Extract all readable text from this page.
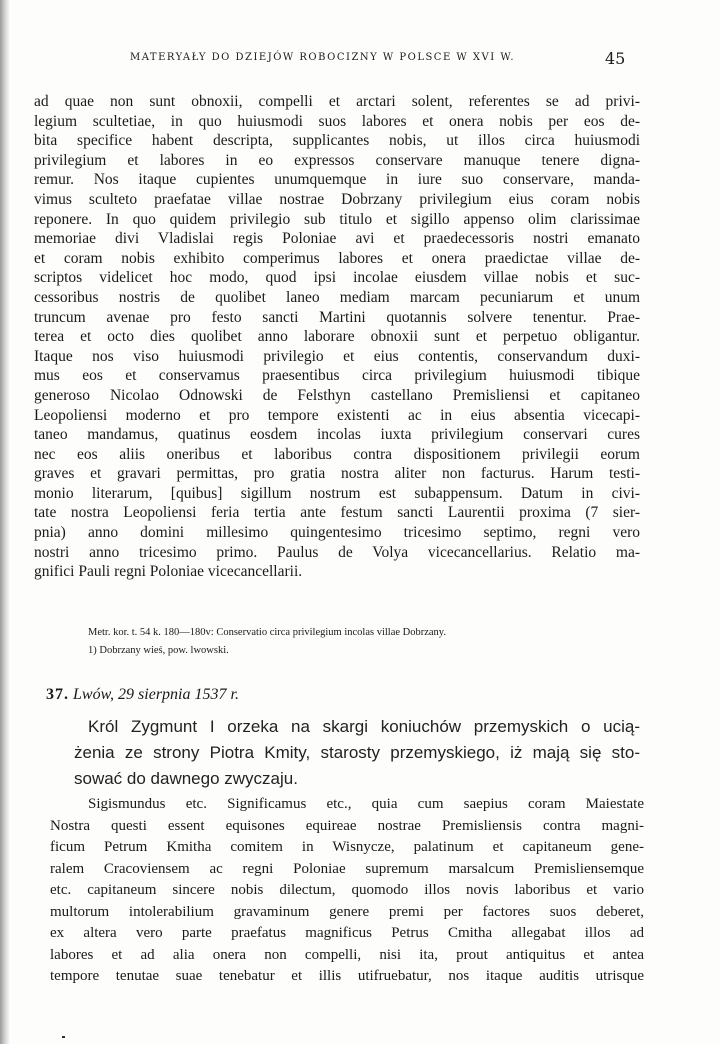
MATERYAŁY DO DZIEJÓW ROBOCIZNY W POLSCE W XVI W.	45
ad quae non sunt obnoxii, compelli et arctari solent, referentes se ad privi-
legium scultetiae, in quo huiusmodi suos labores et onera nobis per eos de-
bita specifice habent descripta, supplicantes nobis, ut illos circa huiusmodi
privilegium et labores in eo expressos conservare manuque tenere digna-
remur. Nos itaque cupientes unumquemque in iure suo conservare, manda-
vimus sculteto praefatae villae nostrae Dobrzany privilegium eius coram nobis
reponere. In quo quidem privilegio sub titulo et sigillo appenso olim clarissimae
memoriae divi Vladislai regis Poloniae avi et praedecessoris nostri emanato
et coram nobis exhibito comperimus labores et onera praedictae villae de-
scriptos videlicet hoc modo, quod ipsi incolae eiusdem villae nobis et suc-
cessoribus nostris de quolibet laneo mediam marcam pecuniarum et unum
truncum avenae pro festo sancti Martini quotannis solvere tenentur. Prae-
terea et octo dies quolibet anno laborare obnoxii sunt et perpetuo obligantur.
Itaque nos viso huiusmodi privilegio et eius contentis, conservandum duxi-
mus eos et conservamus praesentibus circa privilegium huiusmodi tibique
generoso Nicolao Odnowski de Felsthyn castellano Premisliensi et capitaneo
Leopoliensi moderno et pro tempore existenti ac in eius absentia vicecapi-
taneo mandamus, quatinus eosdem incolas iuxta privilegium conservari cures
nec eos aliis oneribus et laboribus contra dispositionem privilegii eorum
graves et gravari permittas, pro gratia nostra aliter non facturus. Harum testi-
monio literarum, [quibus] sigillum nostrum est subappensum. Datum in civi-
tate nostra Leopoliensi feria tertia ante festum sancti Laurentii proxima (7 sier-
pnia) anno domini millesimo quingentesimo tricesimo septimo, regni vero
nostri anno tricesimo primo. Paulus de Volya vicecancellarius. Relatio ma-
gnifici Pauli regni Poloniae vicecancellarii.
Metr. kor. t. 54 k. 180—180v: Conservatio circa privilegium incolas villae Dobrzany.
1) Dobrzany wieś, pow. lwowski.
37. Lwów, 29 sierpnia 1537 r.
Król Zygmunt I orzeka na skargi koniuchów przemyskich o ucią-
żenia ze strony Piotra Kmity, starosty przemyskiego, iż mają się sto-
sować do dawnego zwyczaju.
Sigismundus etc. Significamus etc., quia cum saepius coram Maiestate
Nostra questi essent equisones equireae nostrae Premisliensis contra magni-
ficum Petrum Kmitha comitem in Wisnycze, palatinum et capitaneum gene-
ralem Cracoviensem ac regni Poloniae supremum marsalcum Premisliensemque
etc. capitaneum sincere nobis dilectum, quomodo illos novis laboribus et vario
multorum intolerabilium gravaminum genere premi per factores suos deberet,
ex altera vero parte praefatus magnificus Petrus Cmitha allegabat illos ad
labores et ad alia onera non compelli, nisi ita, prout antiquitus et antea
tempore tenutae suae tenebatur et illis utifruebatur, nos itaque auditis utrisque
